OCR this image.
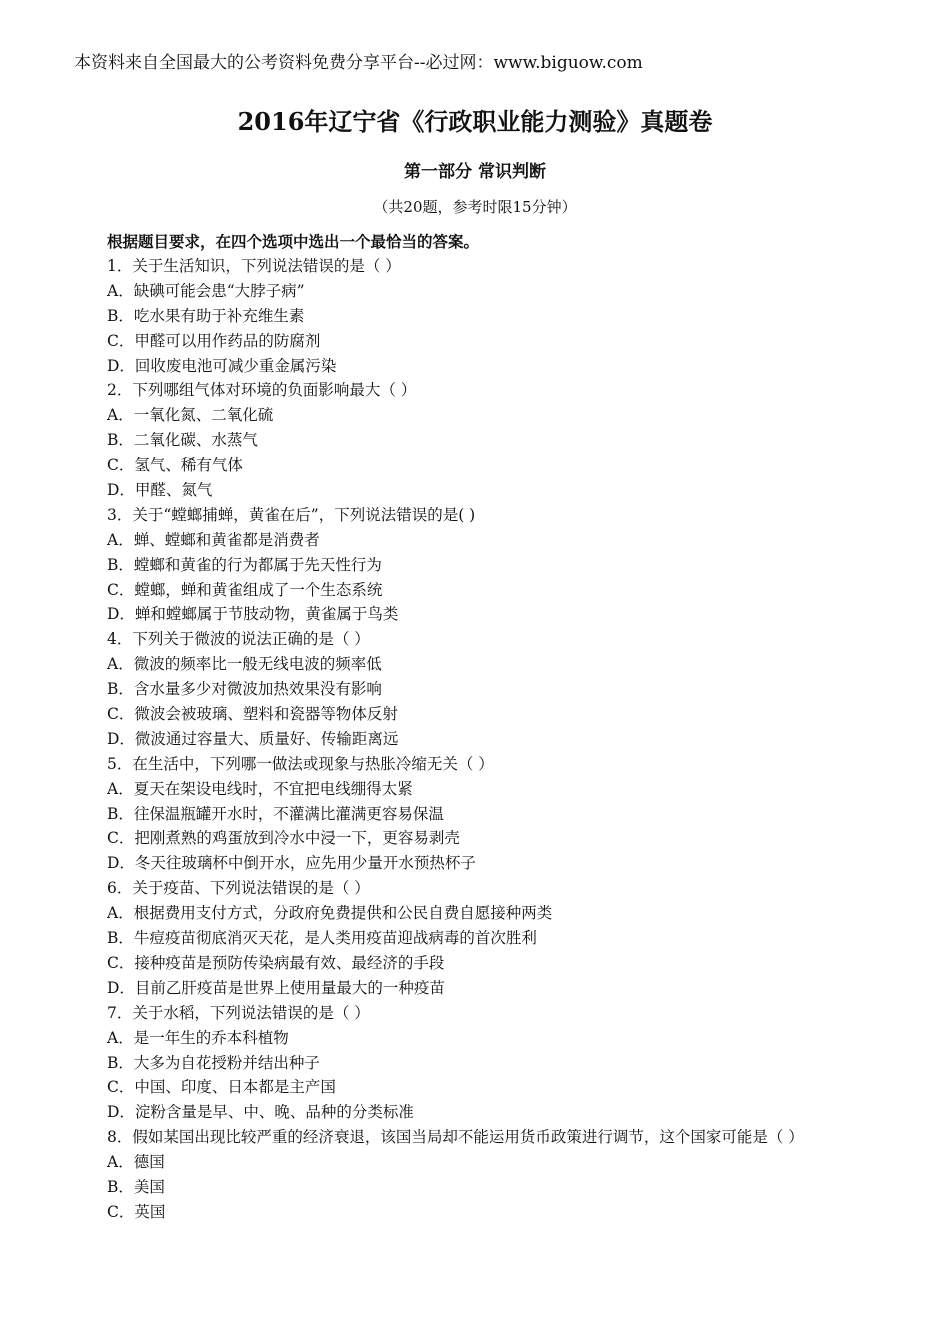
本资料来自全国最大的公考资料免费分享平台--必过网：www.biguow.com
2016年辽宁省《行政职业能力测验》真题卷
第一部分 常识判断
（共20题，参考时限15分钟）
根据题目要求，在四个选项中选出一个最恰当的答案。
1．关于生活知识，下列说法错误的是（ ）
A．缺碘可能会患“大脖子病”
B．吃水果有助于补充维生素
C．甲醛可以用作药品的防腐剂
D．回收废电池可减少重金属污染
2．下列哪组气体对环境的负面影响最大（ ）
A．一氧化氮、二氧化硫
B．二氧化碳、水蒸气
C．氢气、稀有气体
D．甲醛、氮气
3．关于“螳螂捕蝉，黄雀在后”，下列说法错误的是( )
A．蝉、螳螂和黄雀都是消费者
B．螳螂和黄雀的行为都属于先天性行为
C．螳螂，蝉和黄雀组成了一个生态系统
D．蝉和螳螂属于节肢动物，黄雀属于鸟类
4．下列关于微波的说法正确的是（ ）
A．微波的频率比一般无线电波的频率低
B．含水量多少对微波加热效果没有影响
C．微波会被玻璃、塑料和瓷器等物体反射
D．微波通过容量大、质量好、传输距离远
5．在生活中，下列哪一做法或现象与热胀冷缩无关（ ）
A．夏天在架设电线时，不宜把电线绷得太紧
B．往保温瓶罐开水时，不灌满比灌满更容易保温
C．把刚煮熟的鸡蛋放到冷水中浸一下，更容易剥壳
D．冬天往玻璃杯中倒开水，应先用少量开水预热杯子
6．关于疫苗、下列说法错误的是（ ）
A．根据费用支付方式，分政府免费提供和公民自费自愿接种两类
B．牛痘疫苗彻底消灭天花，是人类用疫苗迎战病毒的首次胜利
C．接种疫苗是预防传染病最有效、最经济的手段
D．目前乙肝疫苗是世界上使用量最大的一种疫苗
7．关于水稻，下列说法错误的是（ ）
A．是一年生的乔本科植物
B．大多为自花授粉并结出种子
C．中国、印度、日本都是主产国
D．淀粉含量是早、中、晚、品种的分类标准
8．假如某国出现比较严重的经济衰退，该国当局却不能运用货币政策进行调节，这个国家可能是（ ）
A．德国
B．美国
C．英国
